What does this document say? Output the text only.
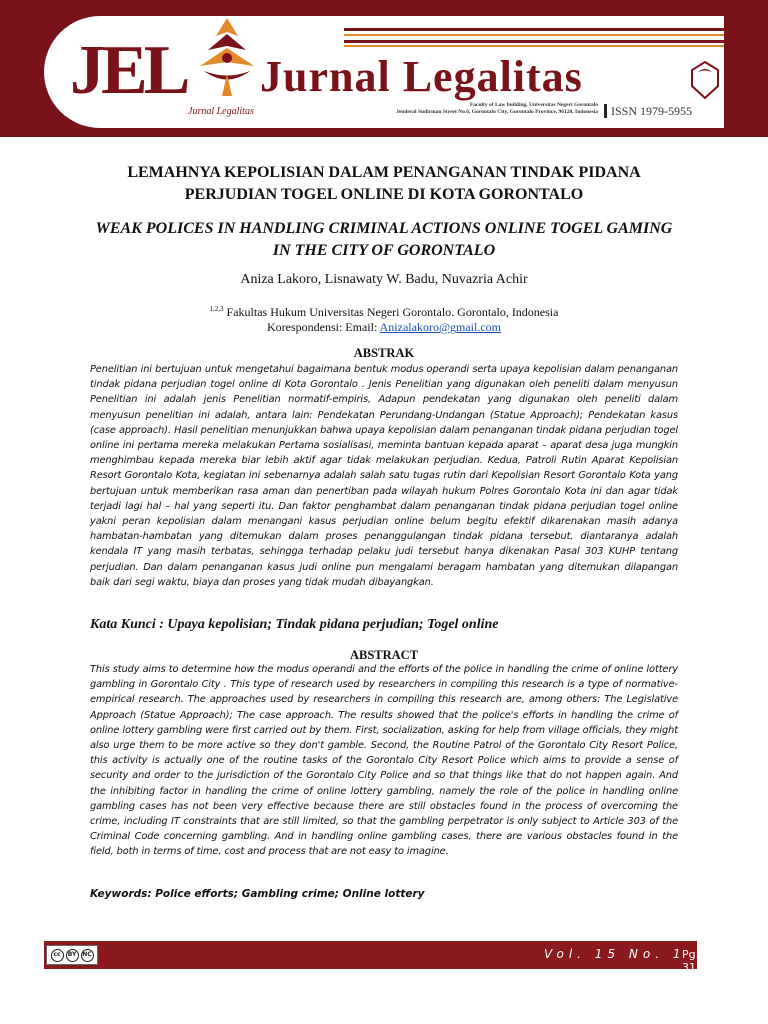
JEL
Jurnal Legalitas
Jurnal Legalitas
Faculty of Law building, Universitas Negeri Gorontalo
Jenderal Sudirman Street No.6, Gorontalo City, Gorontalo Province, 96128, Indonesia	ISSN 1979-5955
LEMAHNYA KEPOLISIAN DALAM PENANGANAN TINDAK PIDANA
PERJUDIAN TOGEL ONLINE DI KOTA GORONTALO
WEAK POLICES IN HANDLING CRIMINAL ACTIONS ONLINE TOGEL GAMING
IN THE CITY OF GORONTALO
Aniza Lakoro, Lisnawaty W. Badu, Nuvazria Achir
$^{1,2,3}$ Fakultas Hukum Universitas Negeri Gorontalo. Gorontalo, Indonesia
Korespondensi: Email: Anizalakoro@gmail.com
ABSTRAK
Penelitian ini bertujuan untuk mengetahui bagaimana bentuk modus operandi serta upaya kepolisian dalam penanganan tindak pidana perjudian togel online di Kota Gorontalo . Jenis Penelitian yang digunakan oleh peneliti dalam menyusun Penelitian ini adalah jenis Penelitian normatif-empiris, Adapun pendekatan yang digunakan oleh peneliti dalam menyusun penelitian ini adalah, antara lain: Pendekatan Perundang-Undangan (Statue Approach); Pendekatan kasus (case approach). Hasil penelitian menunjukkan bahwa upaya kepolisian dalam penanganan tindak pidana perjudian togel online ini pertama mereka melakukan Pertama sosialisasi, meminta bantuan kepada aparat – aparat desa juga mungkin menghimbau kepada mereka biar lebih aktif agar tidak melakukan perjudian. Kedua, Patroli Rutin Aparat Kepolisian Resort Gorontalo Kota, kegiatan ini sebenarnya adalah salah satu tugas rutin dari Kepolisian Resort Gorontalo Kota yang bertujuan untuk memberikan rasa aman dan penertiban pada wilayah hukum Polres Gorontalo Kota ini dan agar tidak terjadi lagi hal – hal yang seperti itu. Dan faktor penghambat dalam penanganan tindak pidana perjudian togel online yakni peran kepolisian dalam menangani kasus perjudian online belum begitu efektif dikarenakan masih adanya hambatan-hambatan yang ditemukan dalam proses penanggulangan tindak pidana tersebut, diantaranya adalah kendala IT yang masih terbatas, sehingga terhadap pelaku judi tersebut hanya dikenakan Pasal 303 KUHP tentang perjudian. Dan dalam penanganan kasus judi online pun mengalami beragam hambatan yang ditemukan dilapangan baik dari segi waktu, biaya dan proses yang tidak mudah dibayangkan.
Kata Kunci : Upaya kepolisian; Tindak pidana perjudian; Togel online
ABSTRACT
This study aims to determine how the modus operandi and the efforts of the police in handling the crime of online lottery gambling in Gorontalo City . This type of research used by researchers in compiling this research is a type of normative-empirical research. The approaches used by researchers in compiling this research are, among others: The Legislative Approach (Statue Approach); The case approach. The results showed that the police's efforts in handling the crime of online lottery gambling were first carried out by them. First, socialization, asking for help from village officials, they might also urge them to be more active so they don't gamble. Second, the Routine Patrol of the Gorontalo City Resort Police, this activity is actually one of the routine tasks of the Gorontalo City Resort Police which aims to provide a sense of security and order to the jurisdiction of the Gorontalo City Police and so that things like that do not happen again. And the inhibiting factor in handling the crime of online lottery gambling, namely the role of the police in handling online gambling cases has not been very effective because there are still obstacles found in the process of overcoming the crime, including IT constraints that are still limited, so that the gambling perpetrator is only subject to Article 303 of the Criminal Code concerning gambling. And in handling online gambling cases, there are various obstacles found in the field, both in terms of time, cost and process that are not easy to imagine.
Keywords: Police efforts; Gambling crime; Online lottery
cc	BY NC	Vol. 15 No. 1
Pg. 31
